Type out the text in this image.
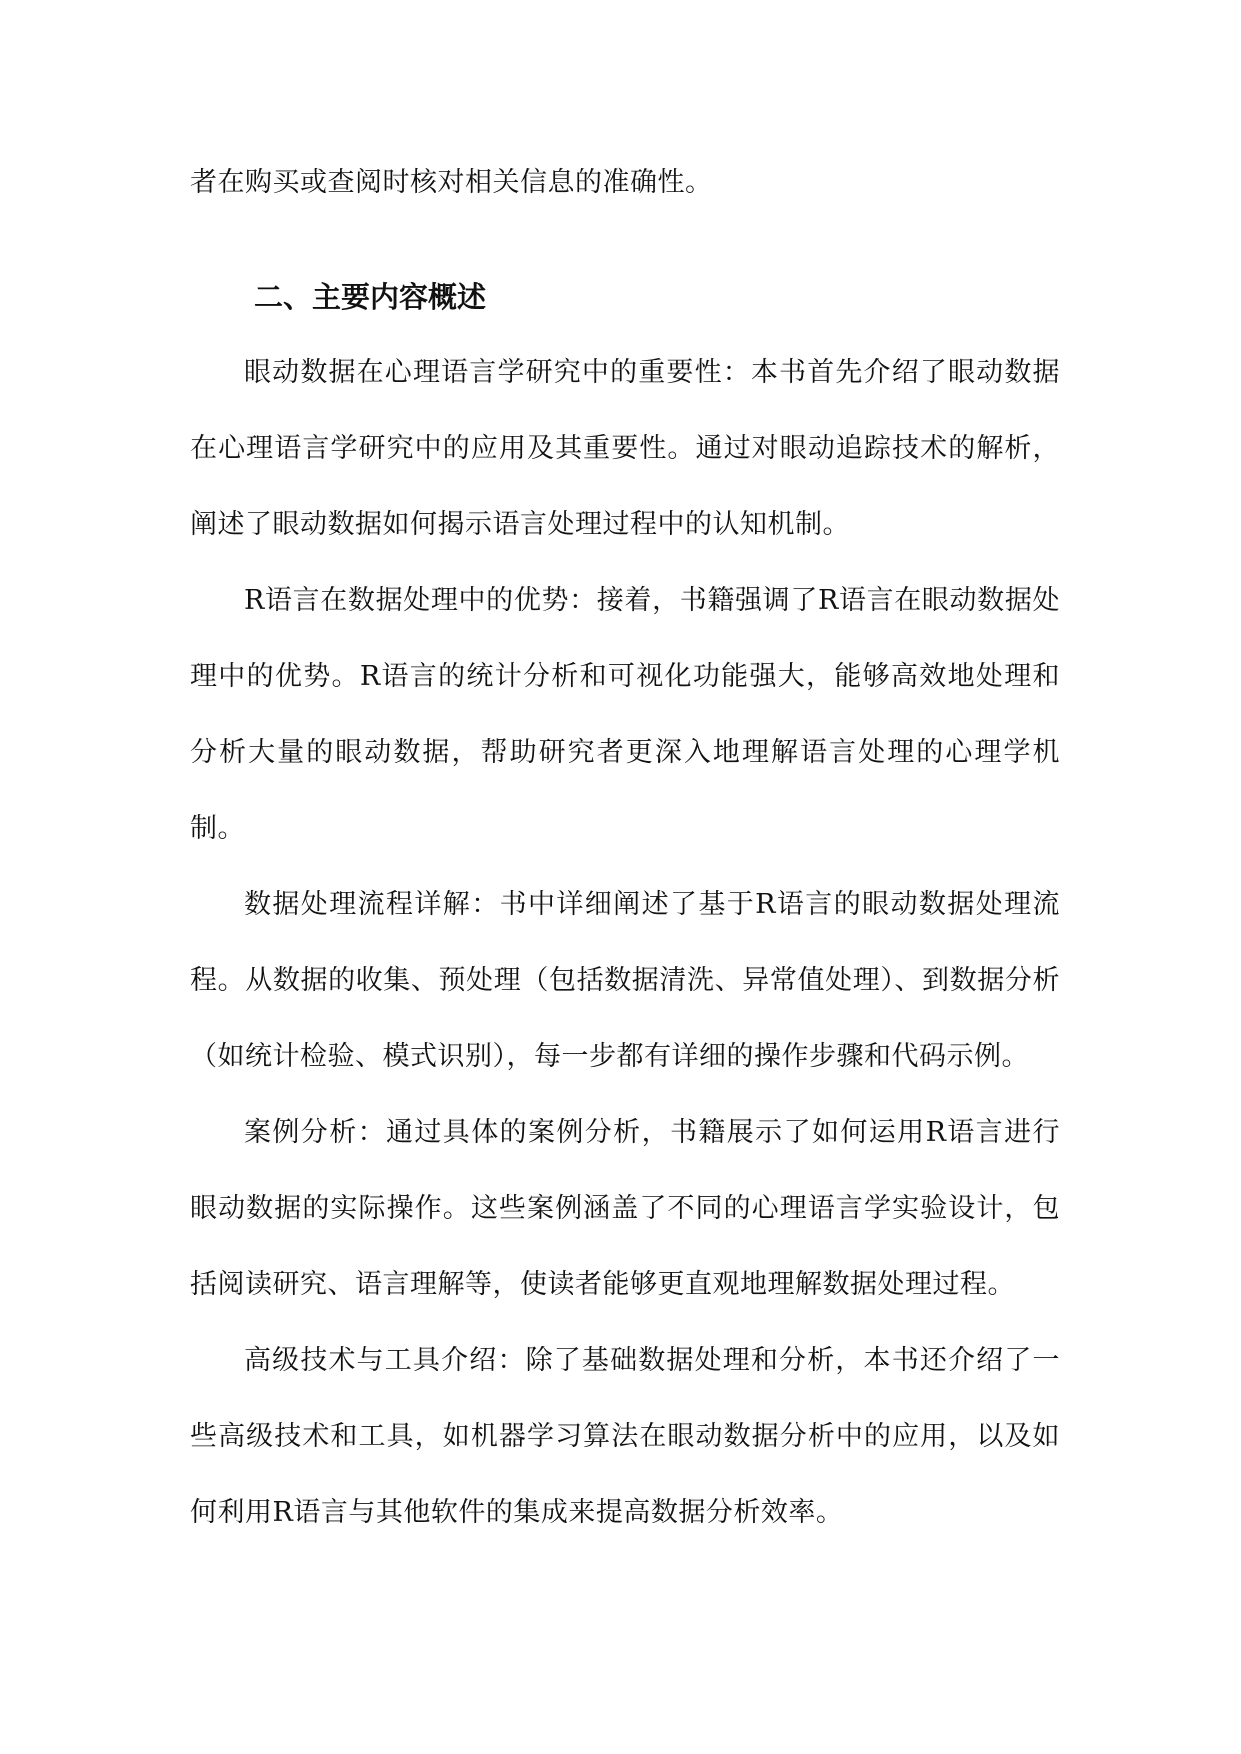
者在购买或查阅时核对相关信息的准确性。

二、主要内容概述

眼动数据在心理语言学研究中的重要性：本书首先介绍了眼动数据在心理语言学研究中的应用及其重要性。通过对眼动追踪技术的解析，阐述了眼动数据如何揭示语言处理过程中的认知机制。

R语言在数据处理中的优势：接着，书籍强调了R语言在眼动数据处理中的优势。R语言的统计分析和可视化功能强大，能够高效地处理和分析大量的眼动数据，帮助研究者更深入地理解语言处理的心理学机制。

数据处理流程详解：书中详细阐述了基于R语言的眼动数据处理流程。从数据的收集、预处理（包括数据清洗、异常值处理）、到数据分析（如统计检验、模式识别），每一步都有详细的操作步骤和代码示例。

案例分析：通过具体的案例分析，书籍展示了如何运用R语言进行眼动数据的实际操作。这些案例涵盖了不同的心理语言学实验设计，包括阅读研究、语言理解等，使读者能够更直观地理解数据处理过程。

高级技术与工具介绍：除了基础数据处理和分析，本书还介绍了一些高级技术和工具，如机器学习算法在眼动数据分析中的应用，以及如何利用R语言与其他软件的集成来提高数据分析效率。
